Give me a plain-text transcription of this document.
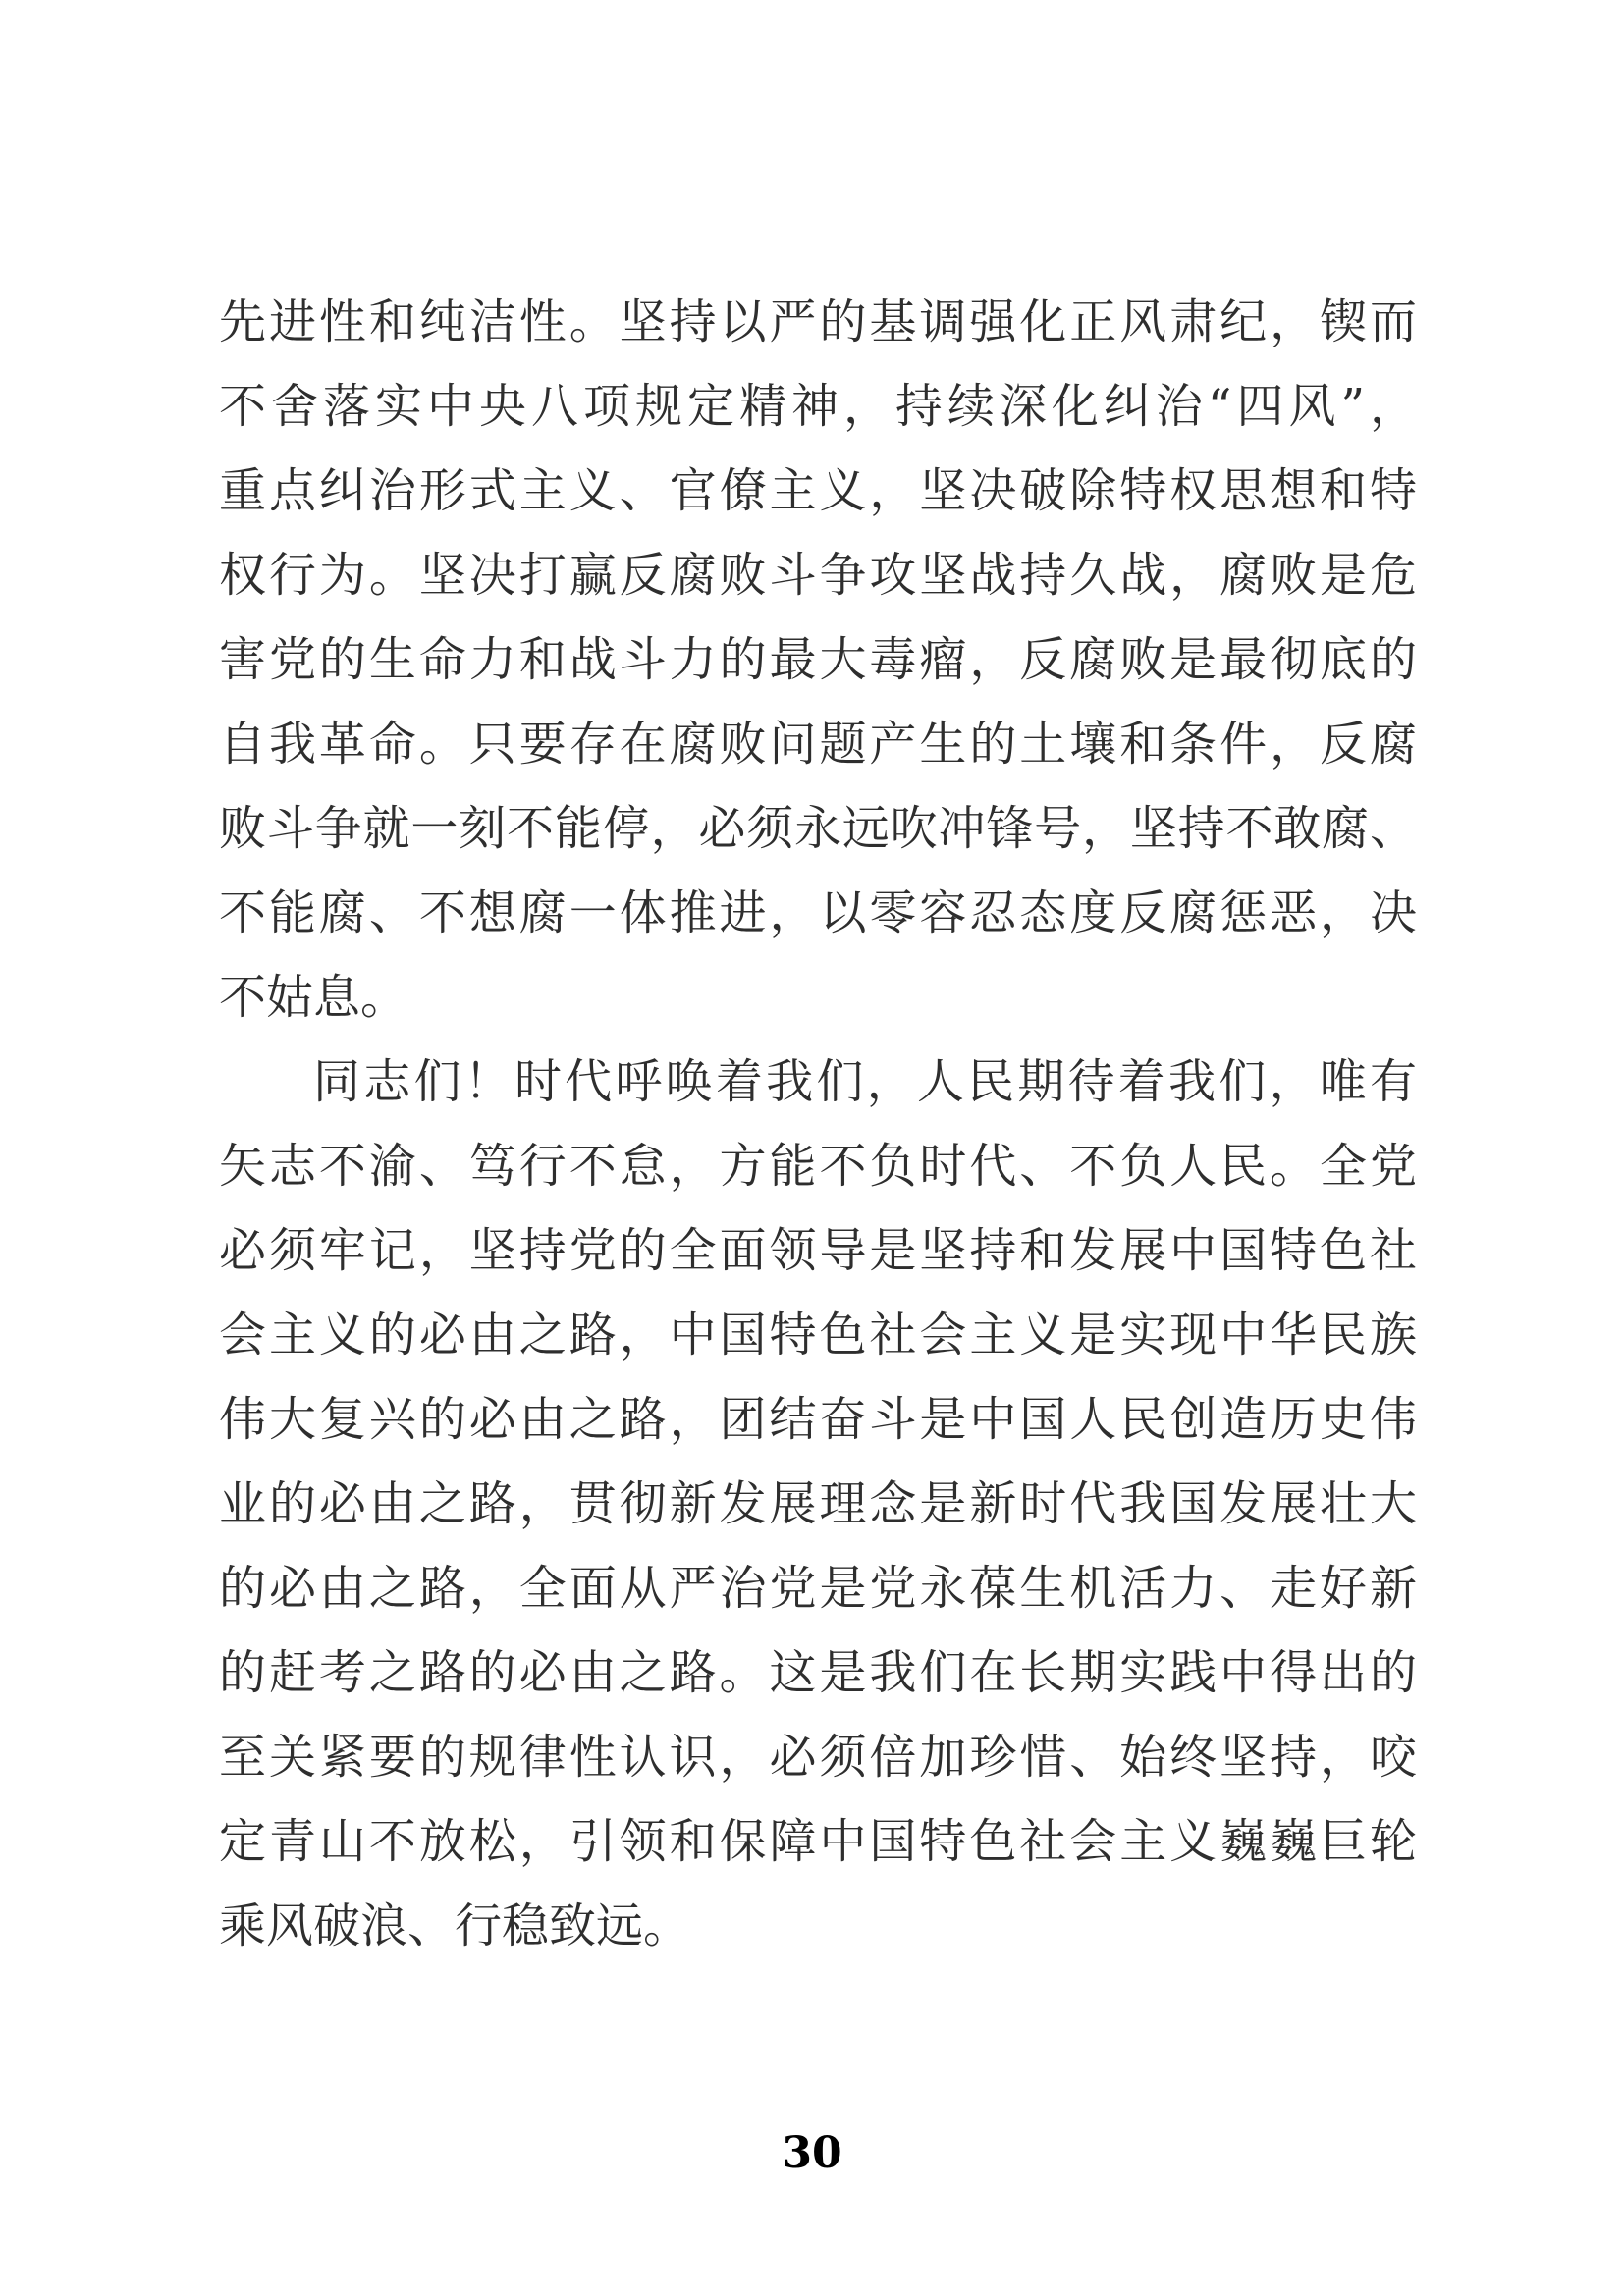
先进性和纯洁性。坚持以严的基调强化正风肃纪，锲而
不舍落实中央八项规定精神，持续深化纠治“四风”，
重点纠治形式主义、官僚主义，坚决破除特权思想和特
权行为。坚决打赢反腐败斗争攻坚战持久战，腐败是危
害党的生命力和战斗力的最大毒瘤，反腐败是最彻底的
自我革命。只要存在腐败问题产生的土壤和条件，反腐
败斗争就一刻不能停，必须永远吹冲锋号，坚持不敢腐、
不能腐、不想腐一体推进，以零容忍态度反腐惩恶，决
不姑息。
同志们！时代呼唤着我们，人民期待着我们，唯有
矢志不渝、笃行不怠，方能不负时代、不负人民。全党
必须牢记，坚持党的全面领导是坚持和发展中国特色社
会主义的必由之路，中国特色社会主义是实现中华民族
伟大复兴的必由之路，团结奋斗是中国人民创造历史伟
业的必由之路，贯彻新发展理念是新时代我国发展壮大
的必由之路，全面从严治党是党永葆生机活力、走好新
的赶考之路的必由之路。这是我们在长期实践中得出的
至关紧要的规律性认识，必须倍加珍惜、始终坚持，咬
定青山不放松，引领和保障中国特色社会主义巍巍巨轮
乘风破浪、行稳致远。
30
